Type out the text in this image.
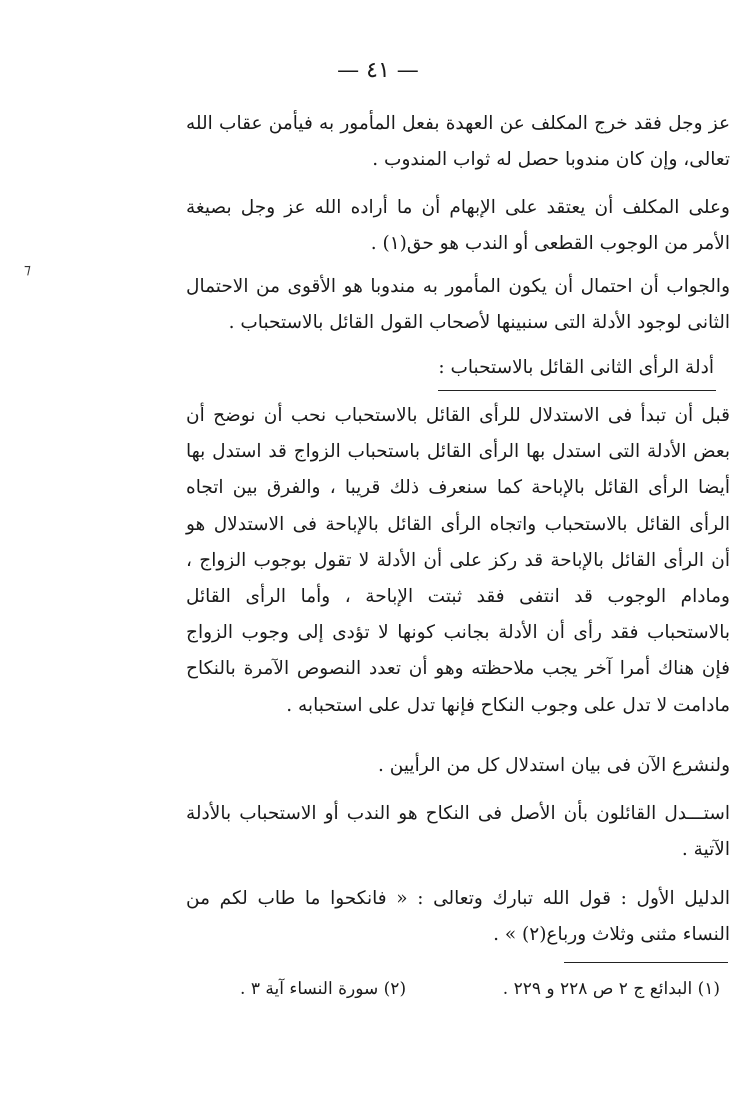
— ٤١ —
⁊

عز وجل فقد خرج المكلف عن العهدة بفعل المأمور به فيأمن عقاب الله تعالى، وإن كان مندوبا حصل له ثواب المندوب .

وعلى المكلف أن يعتقد على الإبهام أن ما أراده الله عز وجل بصيغة الأمر من الوجوب القطعى أو الندب هو حق(١) .

والجواب أن احتمال أن يكون المأمور به مندوبا هو الأقوى من الاحتمال الثانى لوجود الأدلة التى سنبينها لأصحاب القول القائل بالاستحباب .

أدلة الرأى الثانى القائل بالاستحباب :

قبل أن تبدأ فى الاستدلال للرأى القائل بالاستحباب نحب أن نوضح أن بعض الأدلة التى استدل بها الرأى القائل باستحباب الزواج قد استدل بها أيضا الرأى القائل بالإباحة كما سنعرف ذلك قريبا ، والفرق بين اتجاه الرأى القائل بالاستحباب واتجاه الرأى القائل بالإباحة فى الاستدلال هو أن الرأى القائل بالإباحة قد ركز على أن الأدلة لا تقول بوجوب الزواج ، ومادام الوجوب قد انتفى فقد ثبتت الإباحة ، وأما الرأى القائل بالاستحباب فقد رأى أن الأدلة بجانب كونها لا تؤدى إلى وجوب الزواج فإن هناك أمرا آخر يجب ملاحظته وهو أن تعدد النصوص الآمرة بالنكاح مادامت لا تدل على وجوب النكاح فإنها تدل على استحبابه .

ولنشرع الآن فى بيان استدلال كل من الرأيين .

استـــدل القائلون بأن الأصل فى النكاح هو الندب أو الاستحباب بالأدلة الآتية .

الدليل الأول : قول الله تبارك وتعالى : « فانكحوا ما طاب لكم من النساء مثنى وثلاث ورباع(٢) » .

(١) البدائع ج ٢ ص ٢٢٨ و ٢٢٩ .
(٢) سورة النساء آية ٣ .
